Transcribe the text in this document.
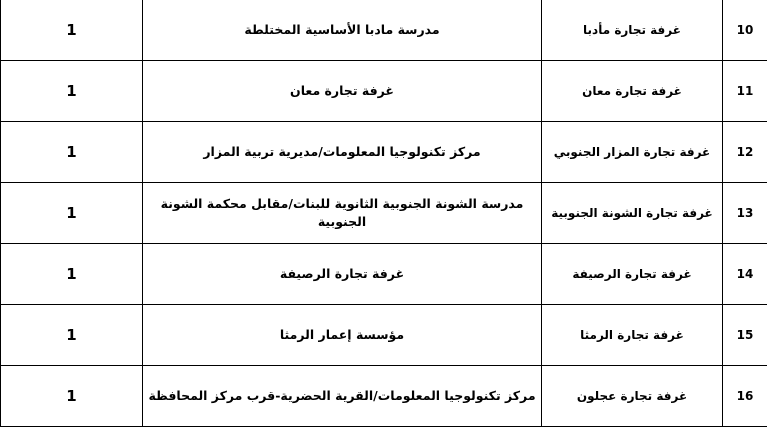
1	مدرسة مادبا الأساسية المختلطة	غرفة تجارة مأدبا	10
1	غرفة تجارة معان	غرفة تجارة معان	11
1	مركز تكنولوجيا المعلومات/مديرية تربية المزار	غرفة تجارة المزار الجنوبي	12
1	مدرسة الشونة الجنوبية الثانوية للبنات/مقابل محكمة الشونة الجنوبية	غرفة تجارة الشونة الجنوبية	13
1	غرفة تجارة الرصيفة	غرفة تجارة الرصيفة	14
1	مؤسسة إعمار الرمثا	غرفة تجارة الرمثا	15
1	مركز تكنولوجيا المعلومات/القرية الحضرية-قرب مركز المحافظة	غرفة تجارة عجلون	16
